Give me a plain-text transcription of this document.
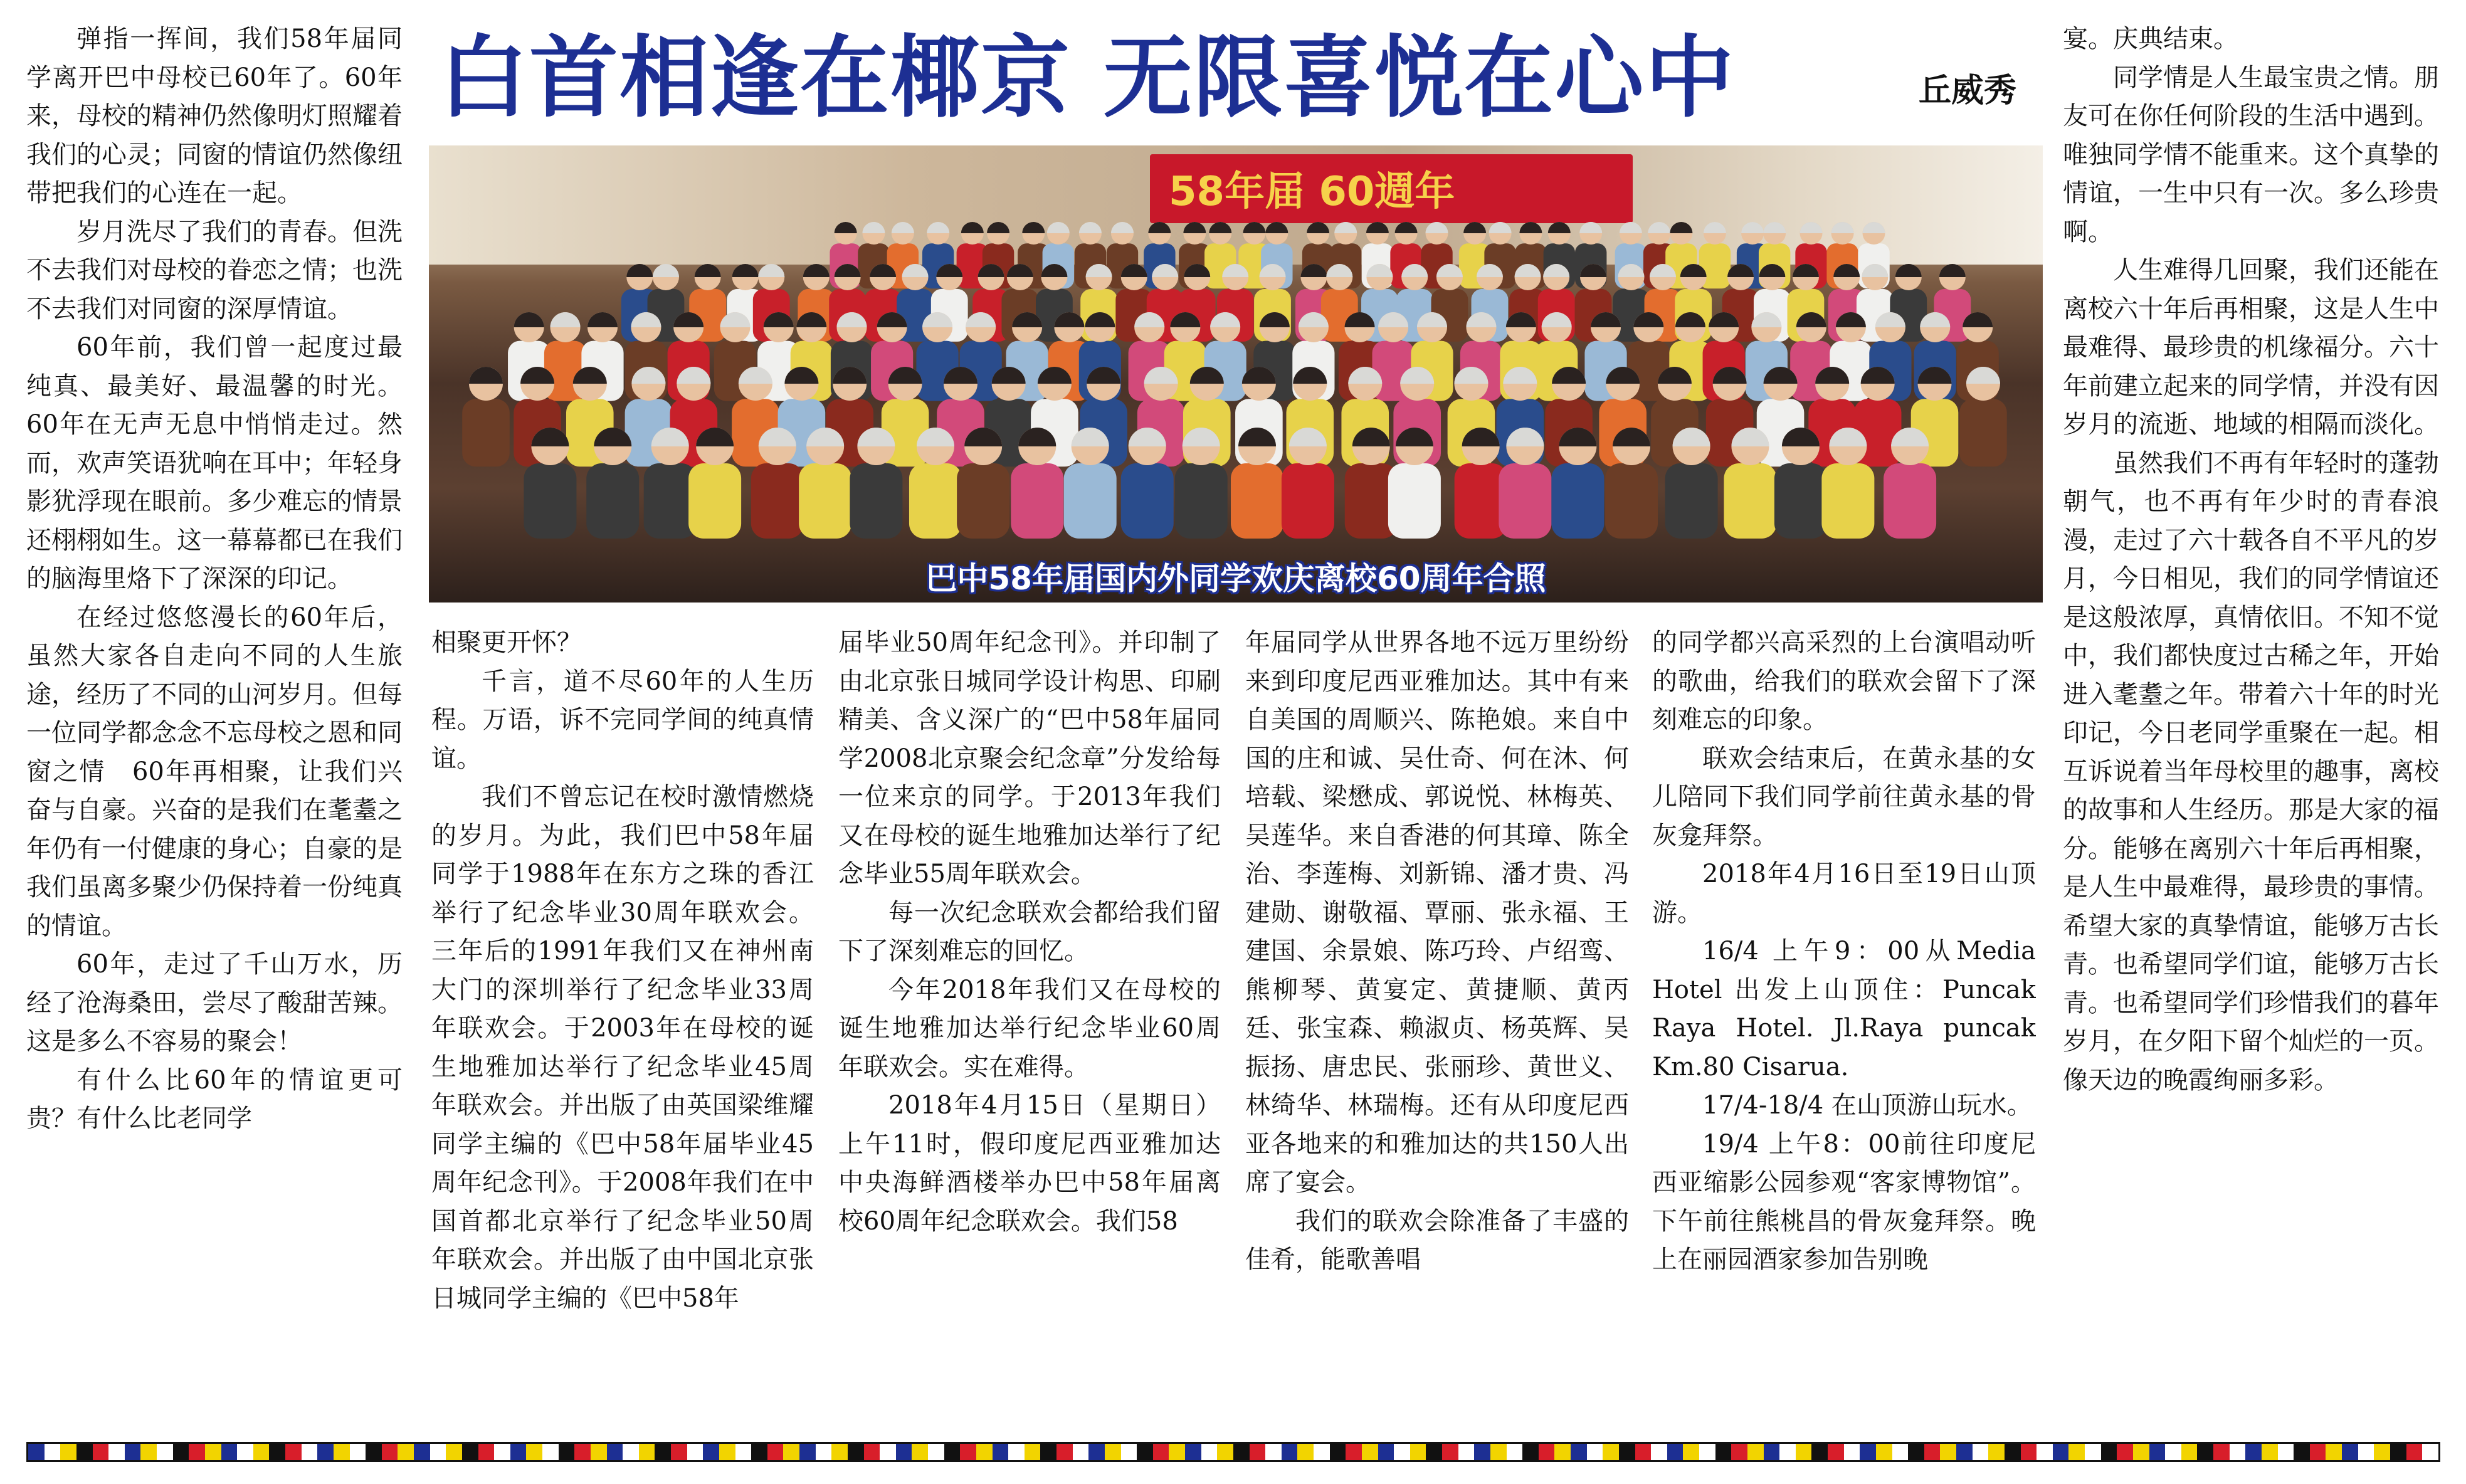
白首相逢在椰京 无限喜悦在心中	丘威秀
58年届 60週年
巴中58年届国内外同学欢庆离校60周年合照

弹指一挥间，我们58年届同学离开巴中母校已60年了。60年来，母校的精神仍然像明灯照耀着我们的心灵；同窗的情谊仍然像纽带把我们的心连在一起。

岁月洗尽了我们的青春。但洗不去我们对母校的眷恋之情；也洗不去我们对同窗的深厚情谊。

60年前，我们曾一起度过最纯真、最美好、最温馨的时光。60年在无声无息中悄悄走过。然而，欢声笑语犹响在耳中；年轻身影犹浮现在眼前。多少难忘的情景还栩栩如生。这一幕幕都已在我们的脑海里烙下了深深的印记。

在经过悠悠漫长的60年后，虽然大家各自走向不同的人生旅途，经历了不同的山河岁月。但每一位同学都念念不忘母校之恩和同窗之情　60年再相聚，让我们兴奋与自豪。兴奋的是我们在耄耋之年仍有一付健康的身心；自豪的是我们虽离多聚少仍保持着一份纯真的情谊。

60年，走过了千山万水，历经了沧海桑田，尝尽了酸甜苦辣。这是多么不容易的聚会！

有什么比60年的情谊更可贵？有什么比老同学

相聚更开怀？

千言，道不尽60年的人生历程。万语，诉不完同学间的纯真情谊。

我们不曾忘记在校时激情燃烧的岁月。为此，我们巴中58年届同学于1988年在东方之珠的香江举行了纪念毕业30周年联欢会。三年后的1991年我们又在神州南大门的深圳举行了纪念毕业33周年联欢会。于2003年在母校的诞生地雅加达举行了纪念毕业45周年联欢会。并出版了由英国梁维耀同学主编的《巴中58年届毕业45周年纪念刊》。于2008年我们在中国首都北京举行了纪念毕业50周年联欢会。并出版了由中国北京张日城同学主编的《巴中58年

届毕业50周年纪念刊》。并印制了由北京张日城同学设计构思、印刷精美、含义深广的“巴中58年届同学2008北京聚会纪念章”分发给每一位来京的同学。于2013年我们又在母校的诞生地雅加达举行了纪念毕业55周年联欢会。

每一次纪念联欢会都给我们留下了深刻难忘的回忆。

今年2018年我们又在母校的诞生地雅加达举行纪念毕业60周年联欢会。实在难得。

2018年4月15日（星期日）上午11时，假印度尼西亚雅加达中央海鲜酒楼举办巴中58年届离校60周年纪念联欢会。我们58

年届同学从世界各地不远万里纷纷来到印度尼西亚雅加达。其中有来自美国的周顺兴、陈艳娘。来自中国的庄和诚、吴仕奇、何在沐、何培载、梁懋成、郭说悦、林梅英、吴莲华。来自香港的何其璋、陈全治、李莲梅、刘新锦、潘才贵、冯建勋、谢敬福、覃丽、张永福、王建国、余景娘、陈巧玲、卢绍鸾、熊柳琴、黄宴定、黄捷顺、黄丙廷、张宝森、赖淑贞、杨英辉、吴振扬、唐忠民、张丽珍、黄世义、林绮华、林瑞梅。还有从印度尼西亚各地来的和雅加达的共150人出席了宴会。

我们的联欢会除准备了丰盛的佳肴，能歌善唱

的同学都兴高采烈的上台演唱动听的歌曲，给我们的联欢会留下了深刻难忘的印象。

联欢会结束后，在黄永基的女儿陪同下我们同学前往黄永基的骨灰龛拜祭。

2018年4月16日至19日山顶游。

16/4 上午9：00从Media Hotel 出发上山顶住：Puncak Raya Hotel. Jl.Raya puncak Km.80 Cisarua.

17/4-18/4 在山顶游山玩水。

19/4 上午8：00前往印度尼西亚缩影公园参观“客家博物馆”。下午前往熊桃昌的骨灰龛拜祭。晚上在丽园酒家参加告别晚

宴。庆典结束。

同学情是人生最宝贵之情。朋友可在你任何阶段的生活中遇到。唯独同学情不能重来。这个真挚的情谊，一生中只有一次。多么珍贵啊。

人生难得几回聚，我们还能在离校六十年后再相聚，这是人生中最难得、最珍贵的机缘福分。六十年前建立起来的同学情，并没有因岁月的流逝、地域的相隔而淡化。

虽然我们不再有年轻时的蓬勃朝气，也不再有年少时的青春浪漫，走过了六十载各自不平凡的岁月，今日相见，我们的同学情谊还是这般浓厚，真情依旧。不知不觉中，我们都快度过古稀之年，开始进入耄耋之年。带着六十年的时光印记，今日老同学重聚在一起。相互诉说着当年母校里的趣事，离校的故事和人生经历。那是大家的福分。能够在离别六十年后再相聚，是人生中最难得，最珍贵的事情。希望大家的真挚情谊，能够万古长青。也希望同学们谊，能够万古长青。也希望同学们珍惜我们的暮年岁月，在夕阳下留个灿烂的一页。像天边的晚霞绚丽多彩。
